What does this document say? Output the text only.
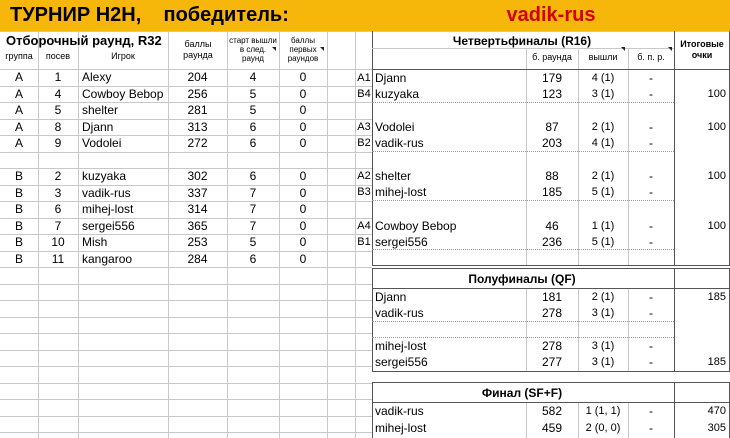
ТУРНИР H2H,    победитель:	vadik-rus
Отборочный раунд, R32
группа	посев	Игрок
баллы раунда
старт вышли в след. раунд
баллы первых раундов
A	1	Alexy	204	4	0
A	4	Cowboy Bebop	256	5	0
A	5	shelter	281	5	0
A	8	Djann	313	6	0
A	9	Vodolei	272	6	0
B	2	kuzyaka	302	6	0
B	3	vadik-rus	337	7	0
B	6	mihej-lost	314	7	0
B	7	sergei556	365	7	0
B	10	Mish	253	5	0
B	11	kangaroo	284	6	0
Четвертьфиналы (R16)
б. раунда	вышли	б. п. р.
Итоговые очки
A1 Djann	179	4 (1)	-
B4 kuzyaka	123	3 (1)	-	100
A3 Vodolei	87	2 (1)	-	100
B2 vadik-rus	203	4 (1)	-
A2 shelter	88	2 (1)	-	100
B3 mihej-lost	185	5 (1)	-
A4 Cowboy Bebop	46	1 (1)	-	100
B1 sergei556	236	5 (1)	-
Полуфиналы (QF)
Djann	181	2 (1)	-	185
vadik-rus	278	3 (1)	-
mihej-lost	278	3 (1)	-
sergei556	277	3 (1)	-	185
Финал (SF+F)
vadik-rus	582	1 (1, 1)	-	470
mihej-lost	459	2 (0, 0)	-	305
